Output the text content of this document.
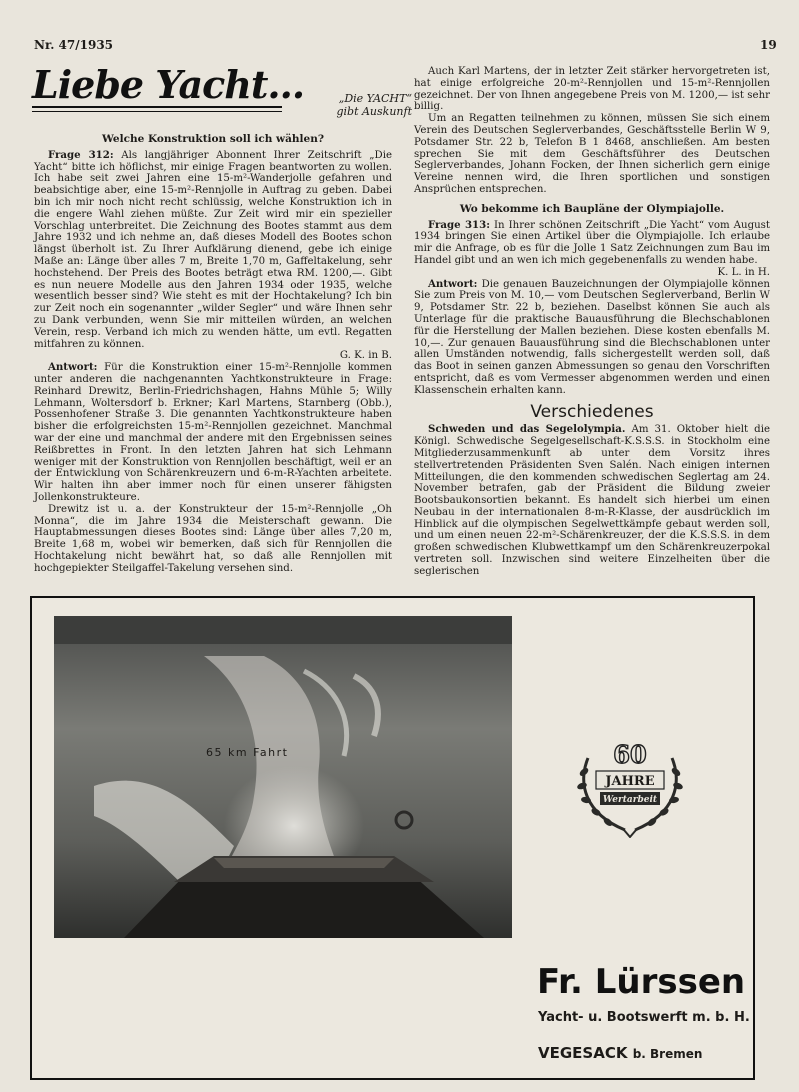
Nr. 47/1935	19
Liebe Yacht...	„Die YACHT“
gibt Auskunft
Welche Konstruktion soll ich wählen?

Frage 312: Als langjähriger Abonnent Ihrer Zeitschrift „Die Yacht“ bitte ich höflichst, mir einige Fragen beantworten zu wollen. Ich habe seit zwei Jahren eine 15-m²-Wanderjolle gefahren und beabsichtige aber, eine 15-m²-Rennjolle in Auftrag zu geben. Dabei bin ich mir noch nicht recht schlüssig, welche Konstruktion ich in die engere Wahl ziehen müßte. Zur Zeit wird mir ein spezieller Vorschlag unterbreitet. Die Zeichnung des Bootes stammt aus dem Jahre 1932 und ich nehme an, daß dieses Modell des Bootes schon längst überholt ist. Zu Ihrer Aufklärung dienend, gebe ich einige Maße an: Länge über alles 7 m, Breite 1,70 m, Gaffeltakelung, sehr hochstehend. Der Preis des Bootes beträgt etwa RM. 1200,—. Gibt es nun neuere Modelle aus den Jahren 1934 oder 1935, welche wesentlich besser sind? Wie steht es mit der Hochtakelung? Ich bin zur Zeit noch ein sogenannter „wilder Segler“ und wäre Ihnen sehr zu Dank verbunden, wenn Sie mir mitteilen würden, an welchen Verein, resp. Verband ich mich zu wenden hätte, um evtl. Regatten mitfahren zu können.

G. K. in B.

Antwort: Für die Konstruktion einer 15-m²-Rennjolle kommen unter anderen die nachgenannten Yachtkonstrukteure in Frage: Reinhard Drewitz, Berlin-Friedrichshagen, Hahns Mühle 5; Willy Lehmann, Woltersdorf b. Erkner; Karl Martens, Starnberg (Obb.), Possenhofener Straße 3. Die genannten Yachtkonstrukteure haben bisher die erfolgreichsten 15-m²-Rennjollen gezeichnet. Manchmal war der eine und manchmal der andere mit den Ergebnissen seines Reißbrettes in Front. In den letzten Jahren hat sich Lehmann weniger mit der Konstruktion von Rennjollen beschäftigt, weil er an der Entwicklung von Schärenkreuzern und 6-m-R-Yachten arbeitete. Wir halten ihn aber immer noch für einen unserer fähigsten Jollenkonstrukteure.

Drewitz ist u. a. der Konstrukteur der 15-m²-Rennjolle „Oh Monna“, die im Jahre 1934 die Meisterschaft gewann. Die Hauptabmessungen dieses Bootes sind: Länge über alles 7,20 m, Breite 1,68 m, wobei wir bemerken, daß sich für Rennjollen die Hochtakelung nicht bewährt hat, so daß alle Rennjollen mit hochgepiekter Steilgaffel-Takelung versehen sind.

Auch Karl Martens, der in letzter Zeit stärker hervorgetreten ist, hat einige erfolgreiche 20-m²-Rennjollen und 15-m²-Rennjollen gezeichnet. Der von Ihnen angegebene Preis von M. 1200,— ist sehr billig.

Um an Regatten teilnehmen zu können, müssen Sie sich einem Verein des Deutschen Seglerverbandes, Geschäftsstelle Berlin W 9, Potsdamer Str. 22 b, Telefon B 1 8468, anschließen. Am besten sprechen Sie mit dem Geschäftsführer des Deutschen Seglerverbandes, Johann Focken, der Ihnen sicherlich gern einige Vereine nennen wird, die Ihren sportlichen und sonstigen Ansprüchen entsprechen.

Wo bekomme ich Baupläne der Olympiajolle.

Frage 313: In Ihrer schönen Zeitschrift „Die Yacht“ vom August 1934 bringen Sie einen Artikel über die Olympiajolle. Ich erlaube mir die Anfrage, ob es für die Jolle 1 Satz Zeichnungen zum Bau im Handel gibt und an wen ich mich gegebenenfalls zu wenden habe.

K. L. in H.

Antwort: Die genauen Bauzeichnungen der Olympiajolle können Sie zum Preis von M. 10,— vom Deutschen Seglerverband, Berlin W 9, Potsdamer Str. 22 b, beziehen. Daselbst können Sie auch als Unterlage für die praktische Bauausführung die Blechschablonen für die Herstellung der Mallen beziehen. Diese kosten ebenfalls M. 10,—. Zur genauen Bauausführung sind die Blechschablonen unter allen Umständen notwendig, falls sichergestellt werden soll, daß das Boot in seinen ganzen Abmessungen so genau den Vorschriften entspricht, daß es vom Vermesser abgenommen werden und einen Klassenschein erhalten kann.

Verschiedenes

Schweden und das Segelolympia. Am 31. Oktober hielt die Königl. Schwedische Segelgesellschaft-K.S.S.S. in Stockholm eine Mitgliederzusammenkunft ab unter dem Vorsitz ihres stellvertretenden Präsidenten Sven Salén. Nach einigen internen Mitteilungen, die den kommenden schwedischen Seglertag am 24. November betrafen, gab der Präsident die Bildung zweier Bootsbaukonsortien bekannt. Es handelt sich hierbei um einen Neubau in der internationalen 8-m-R-Klasse, der ausdrücklich im Hinblick auf die olympischen Segelwettkämpfe gebaut werden soll, und um einen neuen 22-m²-Schärenkreuzer, der die K.S.S.S. in dem großen schwedischen Klubwettkampf um den Schärenkreuzerpokal vertreten soll. Inzwischen sind weitere Einzelheiten über die seglerischen

65 km Fahrt	60
JAHRE
Wertarbeit
Fr. Lürssen
Yacht- u. Bootswerft m. b. H.
VEGESACK b. Bremen
